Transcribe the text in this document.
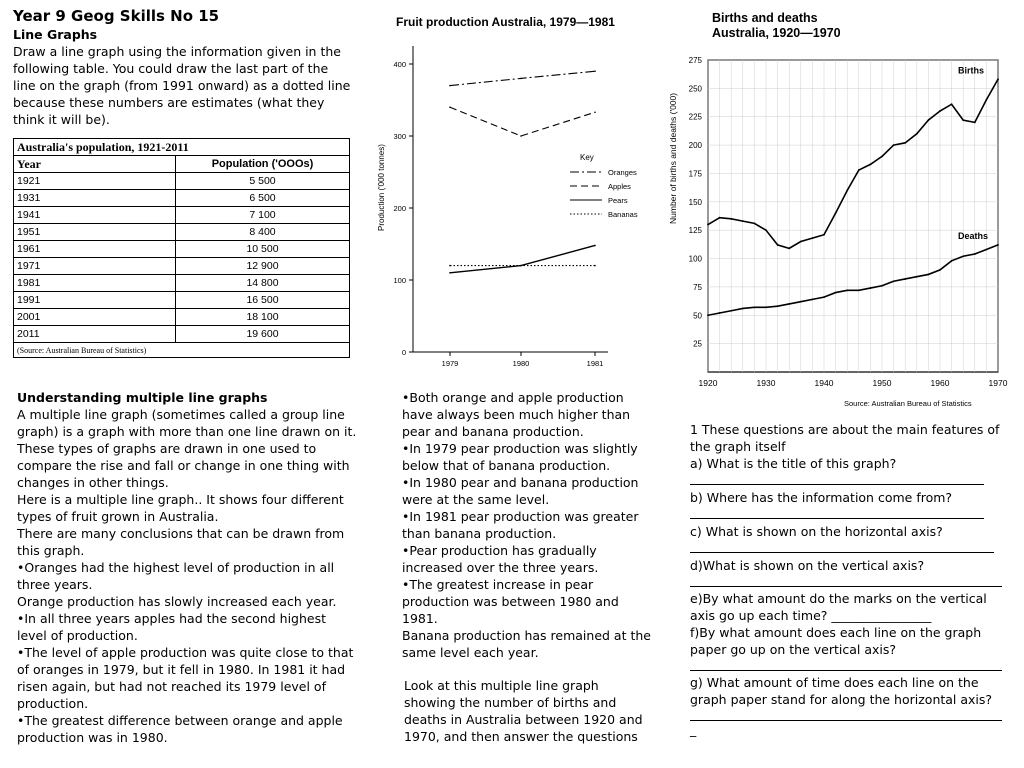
Year 9 Geog Skills No 15
Line Graphs

Draw a line graph using the information given in the following table. You could draw the last part of the line on the graph (from 1991 onward) as a dotted line because these numbers are estimates (what they think it will be).

Australia's population, 1921-2011	
Year	Population ('OOOs)
1921	5 500
1931	6 500
1941	7 100
1951	8 400
1961	10 500
1971	12 900
1981	14 800
1991	16 500
2001	18 100
2011	19 600
(Source: Australian Bureau of Statistics)	
Fruit production Australia, 1979—1981
Production ('000 tonnes)
0
100
200
300
400
1979	1980	1981
Key
Oranges
Apples
Pears
Bananas
Births and deaths
Australia, 1920—1970
Number of births and deaths ('000)
25
50
75
100
125
150
175
200
225
250
275
1920	1930	1940	1950	1960	1970
Births
Deaths
Source: Australian Bureau of Statistics

Understanding multiple line graphs

A multiple line graph (sometimes called a group line graph) is a graph with more than one line drawn on it. These types of graphs are drawn in one used to compare the rise and fall or change in one thing with changes in other things.

Here is a multiple line graph.. It shows four different types of fruit grown in Australia.

There are many conclusions that can be drawn from this graph.

•Oranges had the highest level of production in all three years.

Orange production has slowly increased each year.

•In all three years apples had the second highest level of production.

•The level of apple production was quite close to that of oranges in 1979, but it fell in 1980. In 1981 it had risen again, but had not reached its 1979 level of production.

•The greatest difference between orange and apple production was in 1980.

•Both orange and apple production have always been much higher than pear and banana production.

•In 1979 pear production was slightly below that of banana production.

•In 1980 pear and banana production were at the same level.

•In 1981 pear production was greater than banana production.

•Pear production has gradually increased over the three years.

•The greatest increase in pear production was between 1980 and 1981.

Banana production has remained at the same level each year.

Look at this multiple line graph showing the number of births and deaths in Australia between 1920 and 1970, and then answer the questions

1 These questions are about the main features of the graph itself

a) What is the title of this graph?

b) Where has the information come from?

c) What is shown on the horizontal axis?

d)What is shown on the vertical axis?

e)By what amount do the marks on the vertical axis go up each time? ________________

f)By what amount does each line on the graph paper go up on the vertical axis?

g) What amount of time does each line on the graph paper stand for along the horizontal axis?

_
